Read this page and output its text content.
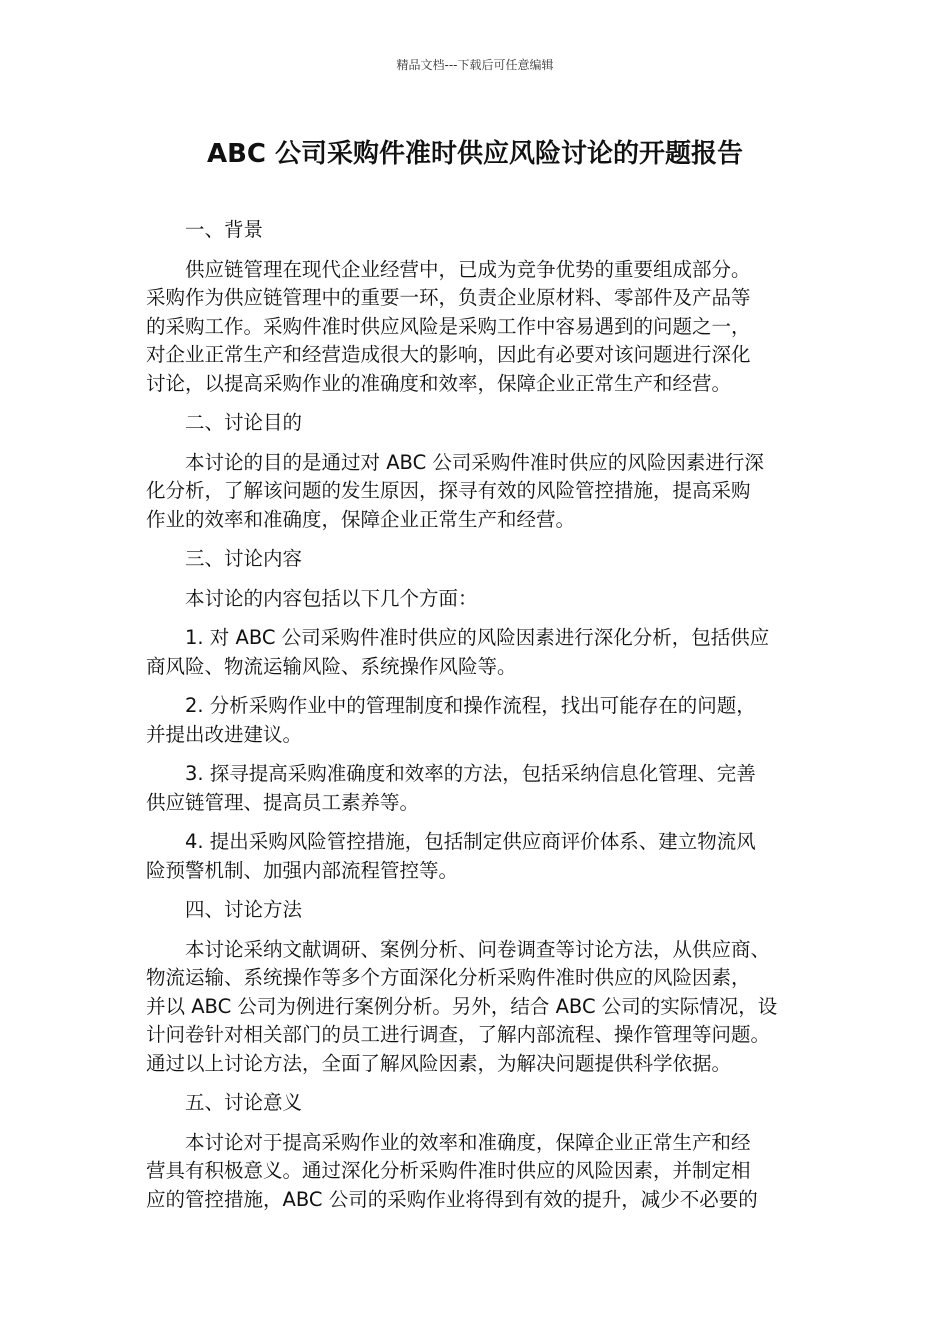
精品文档---下载后可任意编辑
ABC 公司采购件准时供应风险讨论的开题报告

一、背景

供应链管理在现代企业经营中，已成为竞争优势的重要组成部分。
采购作为供应链管理中的重要一环，负责企业原材料、零部件及产品等
的采购工作。采购件准时供应风险是采购工作中容易遇到的问题之一，
对企业正常生产和经营造成很大的影响，因此有必要对该问题进行深化
讨论，以提高采购作业的准确度和效率，保障企业正常生产和经营。

二、讨论目的

本讨论的目的是通过对 ABC 公司采购件准时供应的风险因素进行深
化分析，了解该问题的发生原因，探寻有效的风险管控措施，提高采购
作业的效率和准确度，保障企业正常生产和经营。

三、讨论内容

本讨论的内容包括以下几个方面：

1. 对 ABC 公司采购件准时供应的风险因素进行深化分析，包括供应
商风险、物流运输风险、系统操作风险等。

2. 分析采购作业中的管理制度和操作流程，找出可能存在的问题，
并提出改进建议。

3. 探寻提高采购准确度和效率的方法，包括采纳信息化管理、完善
供应链管理、提高员工素养等。

4. 提出采购风险管控措施，包括制定供应商评价体系、建立物流风
险预警机制、加强内部流程管控等。

四、讨论方法

本讨论采纳文献调研、案例分析、问卷调查等讨论方法，从供应商、
物流运输、系统操作等多个方面深化分析采购件准时供应的风险因素，
并以 ABC 公司为例进行案例分析。另外，结合 ABC 公司的实际情况，设
计问卷针对相关部门的员工进行调查，了解内部流程、操作管理等问题。
通过以上讨论方法，全面了解风险因素，为解决问题提供科学依据。

五、讨论意义

本讨论对于提高采购作业的效率和准确度，保障企业正常生产和经
营具有积极意义。通过深化分析采购件准时供应的风险因素，并制定相
应的管控措施，ABC 公司的采购作业将得到有效的提升，减少不必要的
